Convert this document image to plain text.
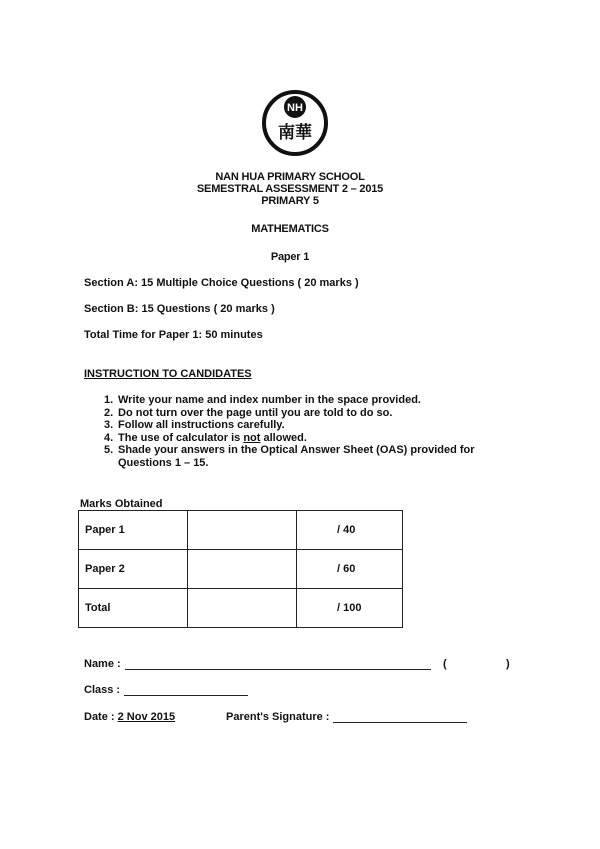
NH
南華
NAN HUA PRIMARY SCHOOL
SEMESTRAL ASSESSMENT 2 – 2015
PRIMARY 5
MATHEMATICS
Paper 1
Section A: 15 Multiple Choice Questions ( 20 marks )
Section B: 15 Questions ( 20 marks )
Total Time for Paper 1: 50 minutes
INSTRUCTION TO CANDIDATES
1. Write your name and index number in the space provided.
2. Do not turn over the page until you are told to do so.
3. Follow all instructions carefully.
4. The use of calculator is not allowed.
5. Shade your answers in the Optical Answer Sheet (OAS) provided for Questions 1 – 15.
Marks Obtained
Paper 1		/ 40
Paper 2		/ 60
Total		/ 100
Name :	(	)
Class :
Date : 2 Nov 2015	Parent's Signature :
